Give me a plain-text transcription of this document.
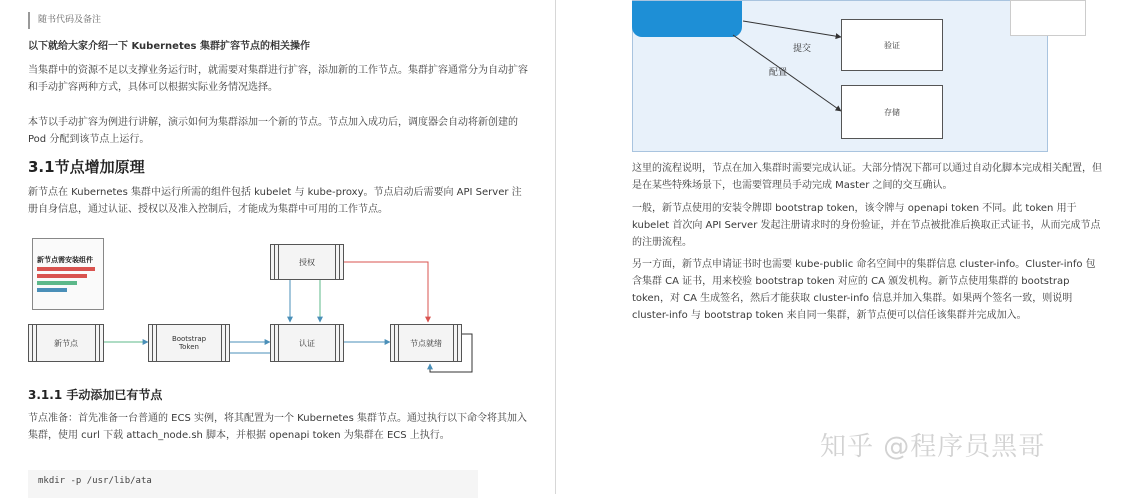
随书代码及备注
以下就给大家介绍一下 Kubernetes 集群扩容节点的相关操作
当集群中的资源不足以支撑业务运行时，就需要对集群进行扩容，添加新的工作节点。集群扩容通常分为自动扩容和手动扩容两种方式，具体可以根据实际业务情况选择。
本节以手动扩容为例进行讲解，演示如何为集群添加一个新的节点。节点加入成功后，调度器会自动将新创建的 Pod 分配到该节点上运行。
3.1节点增加原理
新节点在 Kubernetes 集群中运行所需的组件包括 kubelet 与 kube-proxy。节点启动后需要向 API Server 注册自身信息，通过认证、授权以及准入控制后，才能成为集群中可用的工作节点。
新节点需安装组件
新节点	Bootstrap
Token	认证
授权
节点就绪
3.1.1 手动添加已有节点
节点准备：首先准备一台普通的 ECS 实例，将其配置为一个 Kubernetes 集群节点。通过执行以下命令将其加入集群，使用 curl 下载 attach_node.sh 脚本，并根据 openapi token 为集群在 ECS 上执行。
mkdir -p /usr/lib/ata
提交
配置
验证
存储
这里的流程说明，节点在加入集群时需要完成认证。大部分情况下都可以通过自动化脚本完成相关配置，但是在某些特殊场景下，也需要管理员手动完成 Master 之间的交互确认。
一般，新节点使用的安装令牌即 bootstrap token，该令牌与 openapi token 不同。此 token 用于 kubelet 首次向 API Server 发起注册请求时的身份验证，并在节点被批准后换取正式证书，从而完成节点的注册流程。
另一方面，新节点申请证书时也需要 kube-public 命名空间中的集群信息 cluster-info。Cluster-info 包含集群 CA 证书，用来校验 bootstrap token 对应的 CA 颁发机构。新节点使用集群的 bootstrap token，对 CA 生成签名，然后才能获取 cluster-info 信息并加入集群。如果两个签名一致，则说明 cluster-info 与 bootstrap token 来自同一集群，新节点便可以信任该集群并完成加入。
知乎 @程序员黑哥
